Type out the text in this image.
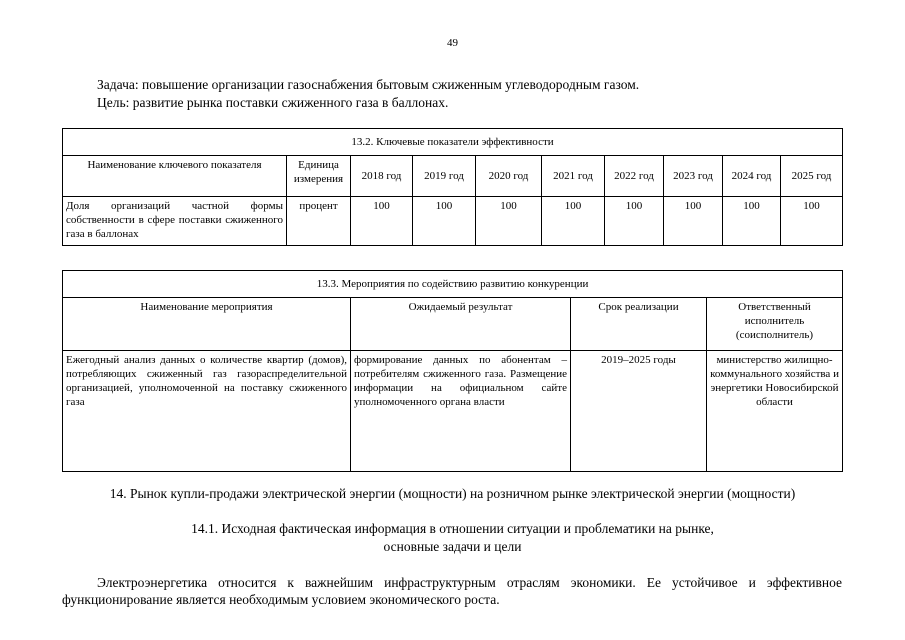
49
Задача: повышение организации газоснабжения бытовым сжиженным углеводородным газом.
Цель: развитие рынка поставки сжиженного газа в баллонах.
13.2. Ключевые показатели эффективности									
Наименование ключевого показателя	Единица измерения	2018 год	2019 год	2020 год	2021 год	2022 год	2023 год	2024 год	2025 год
Доля организаций частной формы собственности в сфере поставки сжиженного газа в баллонах	процент	100	100	100	100	100	100	100	100
13.3. Мероприятия по содействию развитию конкуренции			
Наименование мероприятия	Ожидаемый результат	Срок реализации	Ответственный исполнитель (соисполнитель)
Ежегодный анализ данных о количестве квартир (домов), потребляющих сжиженный газ газораспределительной организацией, уполномоченной на поставку сжиженного газа	формирование данных по абонентам – потребителям сжиженного газа. Размещение информации на официальном сайте уполномоченного органа власти	2019–2025 годы	министерство жилищно-коммунального хозяйства и энергетики Новосибирской области
14. Рынок купли-продажи электрической энергии (мощности) на розничном рынке электрической энергии (мощности)
14.1. Исходная фактическая информация в отношении ситуации и проблематики на рынке,
основные задачи и цели
Электроэнергетика относится к важнейшим инфраструктурным отраслям экономики. Ее устойчивое и эффективное функционирование является необходимым условием экономического роста.
